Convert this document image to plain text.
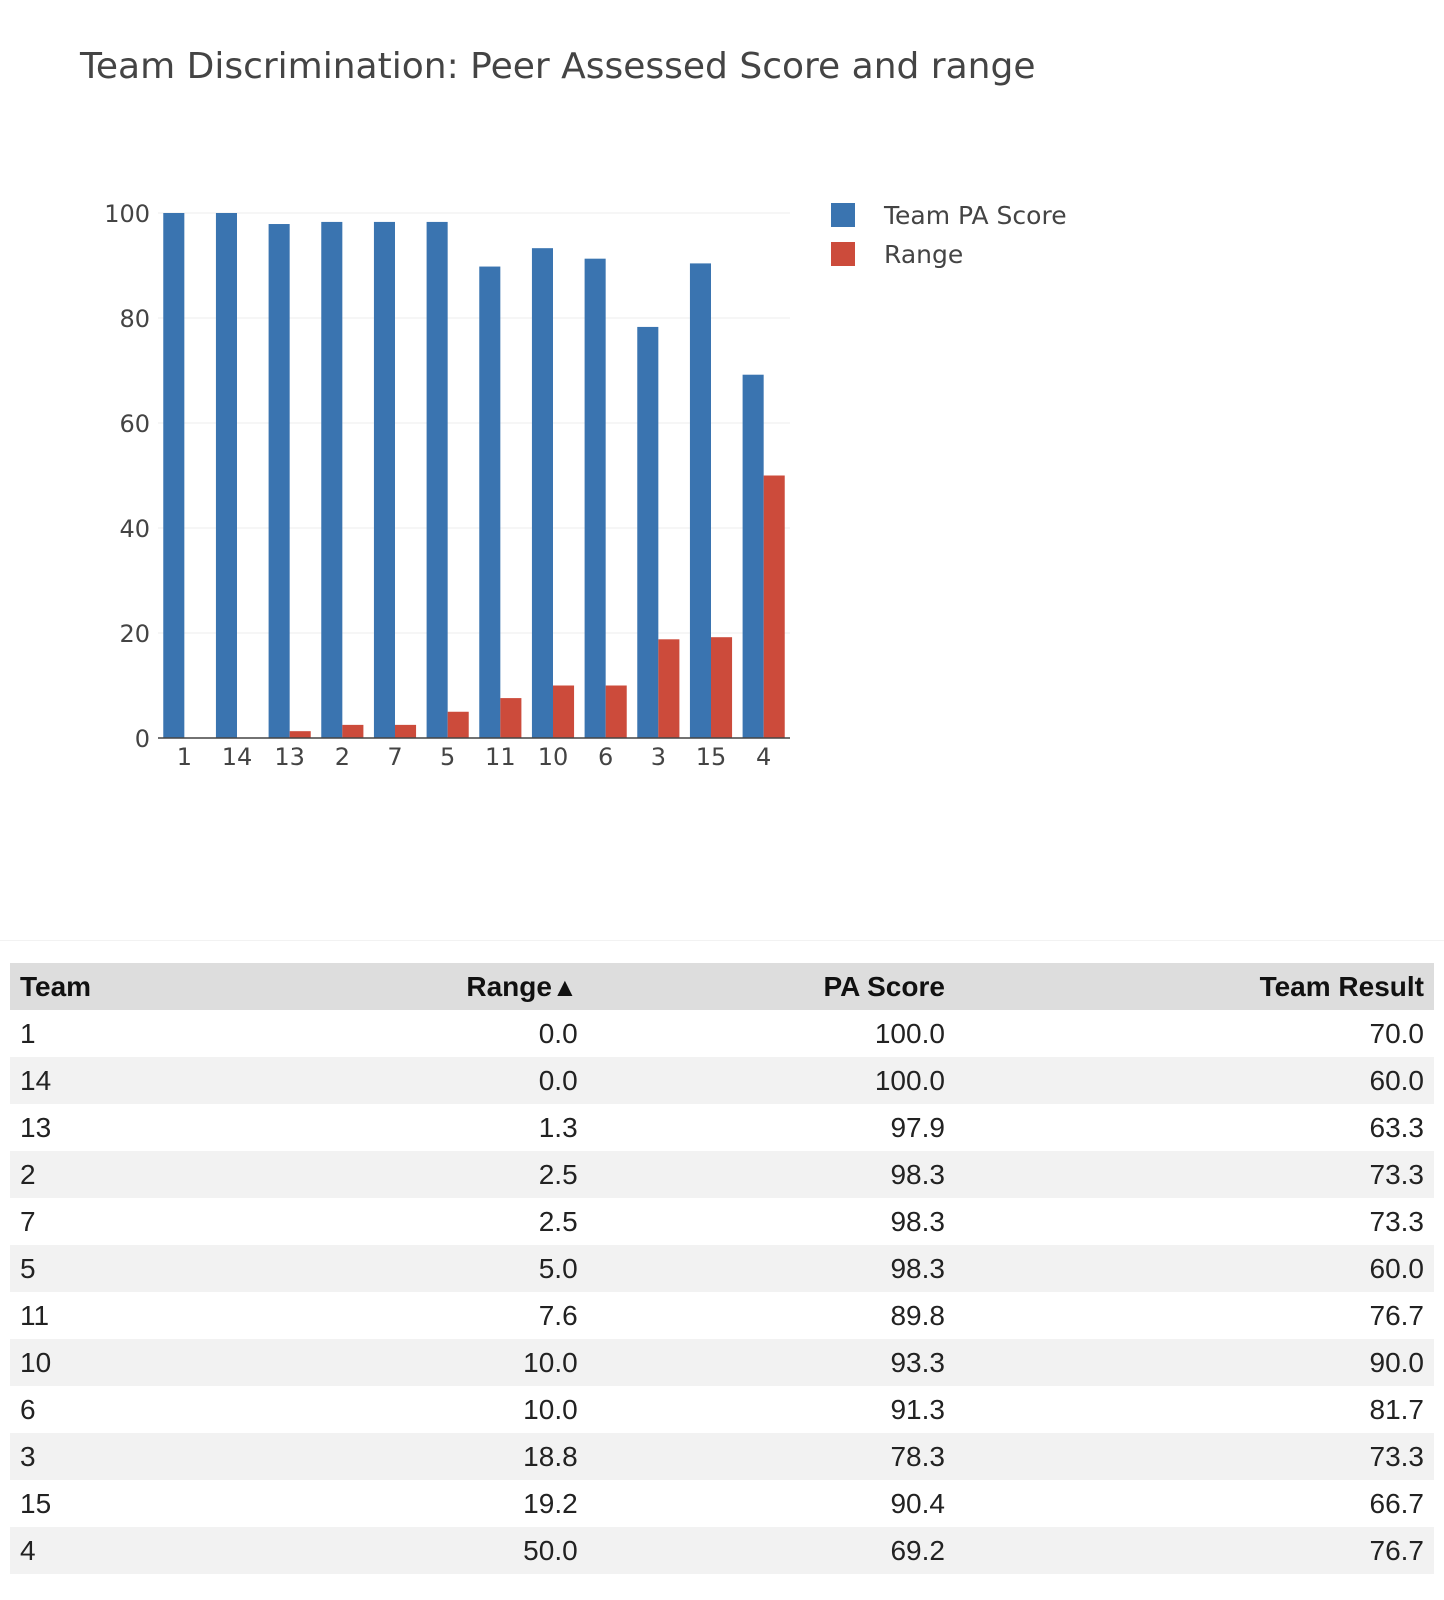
Team Discrimination: Peer Assessed Score and range
0
20
40
60
80
100
1 14 13 2 7 5 11 10 6 3 15 4
Team PA Score
Range
Team	Range▲	PA Score	Team Result
1	0.0	100.0	70.0
14	0.0	100.0	60.0
13	1.3	97.9	63.3
2	2.5	98.3	73.3
7	2.5	98.3	73.3
5	5.0	98.3	60.0
11	7.6	89.8	76.7
10	10.0	93.3	90.0
6	10.0	91.3	81.7
3	18.8	78.3	73.3
15	19.2	90.4	66.7
4	50.0	69.2	76.7
